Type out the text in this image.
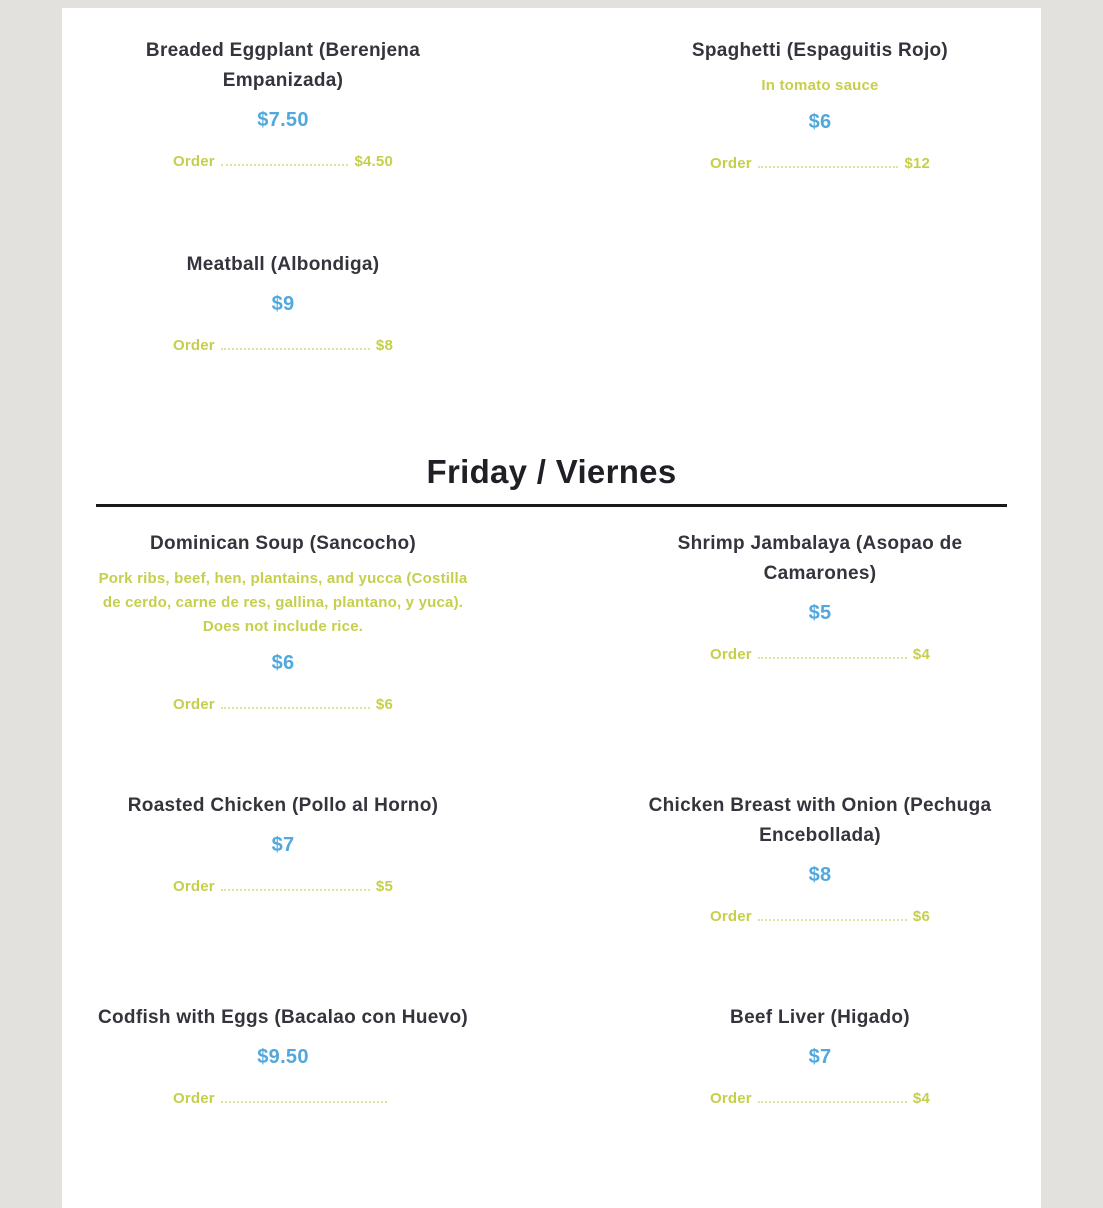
Breaded Eggplant (Berenjena Empanizada)
$7.50
Order	$4.50
Spaghetti (Espaguitis Rojo)
In tomato sauce
$6
Order	$12
Meatball (Albondiga)
$9
Order	$8
Friday / Viernes
Dominican Soup (Sancocho)
Pork ribs, beef, hen, plantains, and yucca (Costilla de cerdo, carne de res, gallina, plantano, y yuca). Does not include rice.
$6
Order	$6
Shrimp Jambalaya (Asopao de Camarones)
$5
Order	$4
Roasted Chicken (Pollo al Horno)
$7
Order	$5
Chicken Breast with Onion (Pechuga Encebollada)
$8
Order	$6
Codfish with Eggs (Bacalao con Huevo)
$9.50
Order
Beef Liver (Higado)
$7
Order	$4
